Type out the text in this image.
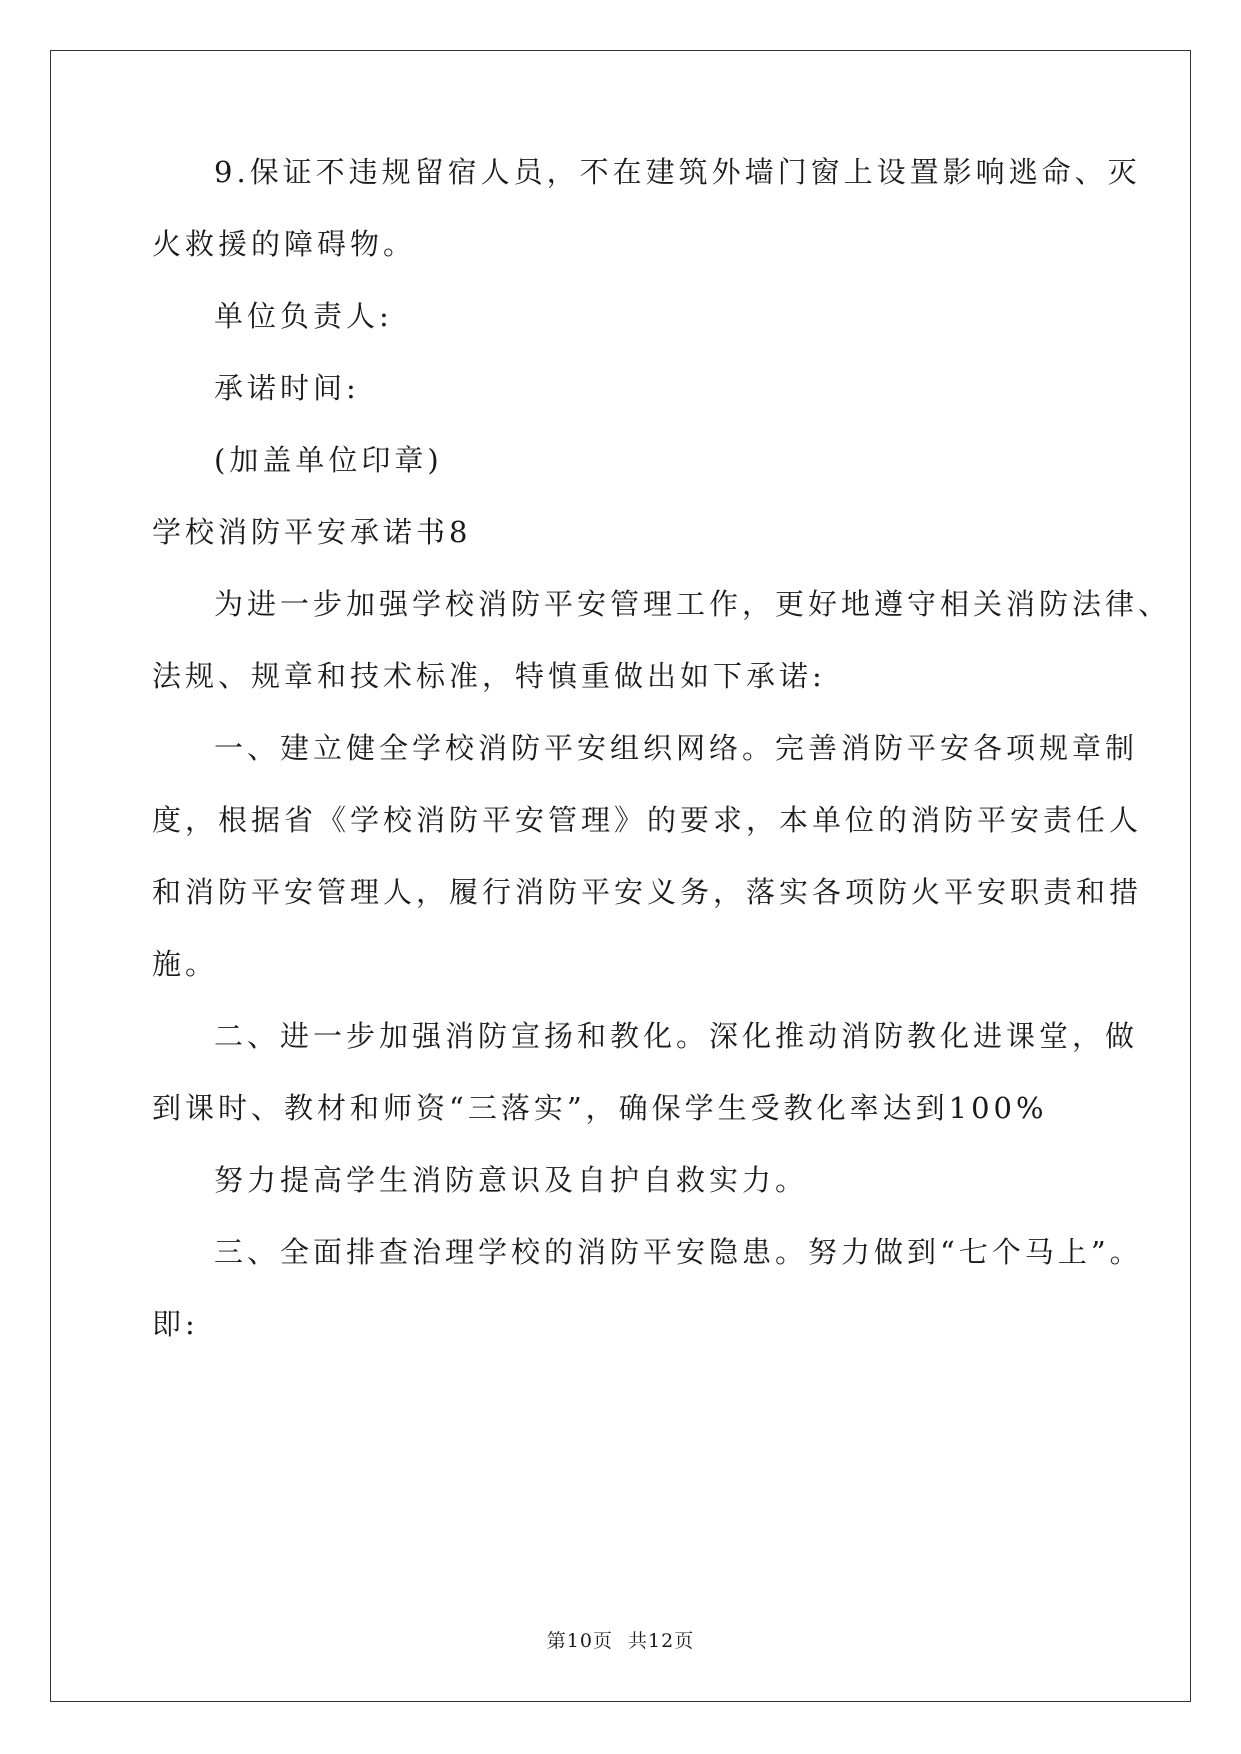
9.保证不违规留宿人员，不在建筑外墙门窗上设置影响逃命、灭
火救援的障碍物。
单位负责人:
承诺时间:
(加盖单位印章)
学校消防平安承诺书8
为进一步加强学校消防平安管理工作，更好地遵守相关消防法律、
法规、规章和技术标准，特慎重做出如下承诺:
一、建立健全学校消防平安组织网络。完善消防平安各项规章制
度，根据省《学校消防平安管理》的要求，本单位的消防平安责任人
和消防平安管理人，履行消防平安义务，落实各项防火平安职责和措
施。
二、进一步加强消防宣扬和教化。深化推动消防教化进课堂，做
到课时、教材和师资“三落实”，确保学生受教化率达到100%
努力提高学生消防意识及自护自救实力。
三、全面排查治理学校的消防平安隐患。努力做到“七个马上”。
即:
第10页 共12页
